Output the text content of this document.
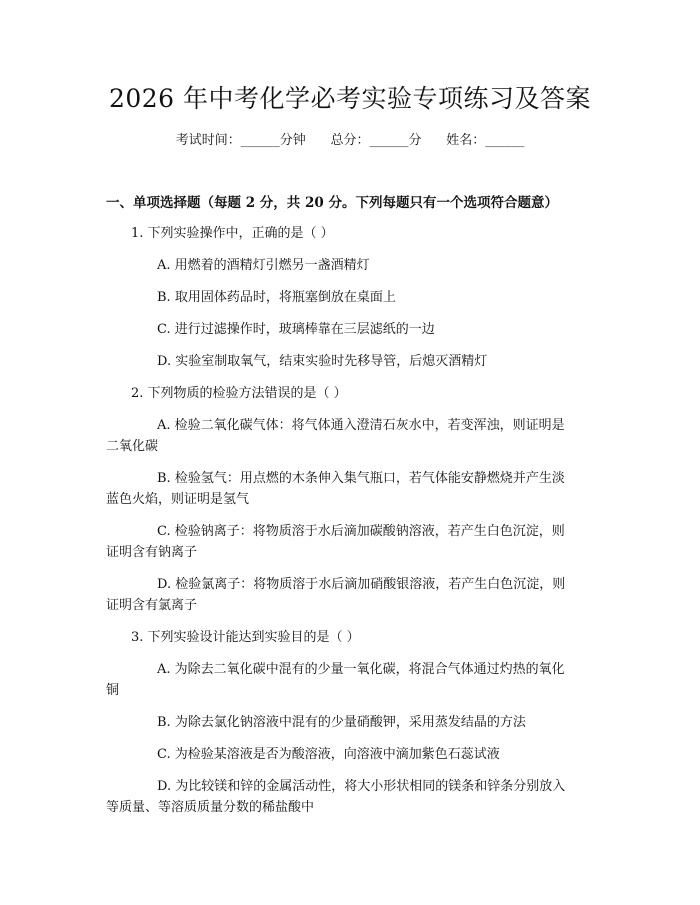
2026 年中考化学必考实验专项练习及答案
考试时间：______分钟      总分：______分      姓名：______
一、单项选择题（每题 2 分，共 20 分。下列每题只有一个选项符合题意）
1. 下列实验操作中，正确的是（ ）
A. 用燃着的酒精灯引燃另一盏酒精灯
B. 取用固体药品时，将瓶塞倒放在桌面上
C. 进行过滤操作时，玻璃棒靠在三层滤纸的一边
D. 实验室制取氧气，结束实验时先移导管，后熄灭酒精灯
2. 下列物质的检验方法错误的是（ ）
A. 检验二氧化碳气体：将气体通入澄清石灰水中，若变浑浊，则证明是
二氧化碳
B. 检验氢气：用点燃的木条伸入集气瓶口，若气体能安静燃烧并产生淡
蓝色火焰，则证明是氢气
C. 检验钠离子：将物质溶于水后滴加碳酸钠溶液，若产生白色沉淀，则
证明含有钠离子
D. 检验氯离子：将物质溶于水后滴加硝酸银溶液，若产生白色沉淀，则
证明含有氯离子
3. 下列实验设计能达到实验目的是（ ）
A. 为除去二氧化碳中混有的少量一氧化碳，将混合气体通过灼热的氧化
铜
B. 为除去氯化钠溶液中混有的少量硝酸钾，采用蒸发结晶的方法
C. 为检验某溶液是否为酸溶液，向溶液中滴加紫色石蕊试液
D. 为比较镁和锌的金属活动性，将大小形状相同的镁条和锌条分别放入
等质量、等溶质质量分数的稀盐酸中
